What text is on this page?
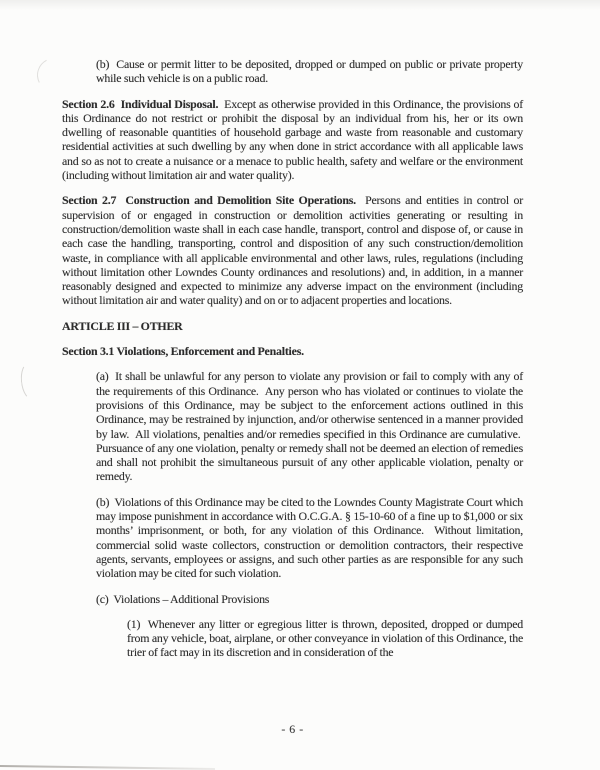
(b)  Cause or permit litter to be deposited, dropped or dumped on public or private property while such vehicle is on a public road.

Section 2.6  Individual Disposal.  Except as otherwise provided in this Ordinance, the provisions of this Ordinance do not restrict or prohibit the disposal by an individual from his, her or its own dwelling of reasonable quantities of household garbage and waste from reasonable and customary residential activities at such dwelling by any when done in strict accordance with all applicable laws and so as not to create a nuisance or a menace to public health, safety and welfare or the environment (including without limitation air and water quality).

Section 2.7  Construction and Demolition Site Operations.  Persons and entities in control or supervision of or engaged in construction or demolition activities generating or resulting in construction/demolition waste shall in each case handle, transport, control and dispose of, or cause in each case the handling, transporting, control and disposition of any such construction/demolition waste, in compliance with all applicable environmental and other laws, rules, regulations (including without limitation other Lowndes County ordinances and resolutions) and, in addition, in a manner reasonably designed and expected to minimize any adverse impact on the environment (including without limitation air and water quality) and on or to adjacent properties and locations.

ARTICLE III – OTHER

Section 3.1 Violations, Enforcement and Penalties.

(a)  It shall be unlawful for any person to violate any provision or fail to comply with any of the requirements of this Ordinance.  Any person who has violated or continues to violate the provisions of this Ordinance, may be subject to the enforcement actions outlined in this Ordinance, may be restrained by injunction, and/or otherwise sentenced in a manner provided by law.  All violations, penalties and/or remedies specified in this Ordinance are cumulative.  Pursuance of any one violation, penalty or remedy shall not be deemed an election of remedies and shall not prohibit the simultaneous pursuit of any other applicable violation, penalty or remedy.

(b)  Violations of this Ordinance may be cited to the Lowndes County Magistrate Court which may impose punishment in accordance with O.C.G.A. § 15-10-60 of a fine up to $1,000 or six months’ imprisonment, or both, for any violation of this Ordinance.  Without limitation, commercial solid waste collectors, construction or demolition contractors, their respective agents, servants, employees or assigns, and such other parties as are responsible for any such violation may be cited for such violation.

(c)  Violations – Additional Provisions

(1)  Whenever any litter or egregious litter is thrown, deposited, dropped or dumped from any vehicle, boat, airplane, or other conveyance in violation of this Ordinance, the trier of fact may in its discretion and in consideration of the

- 6 -
